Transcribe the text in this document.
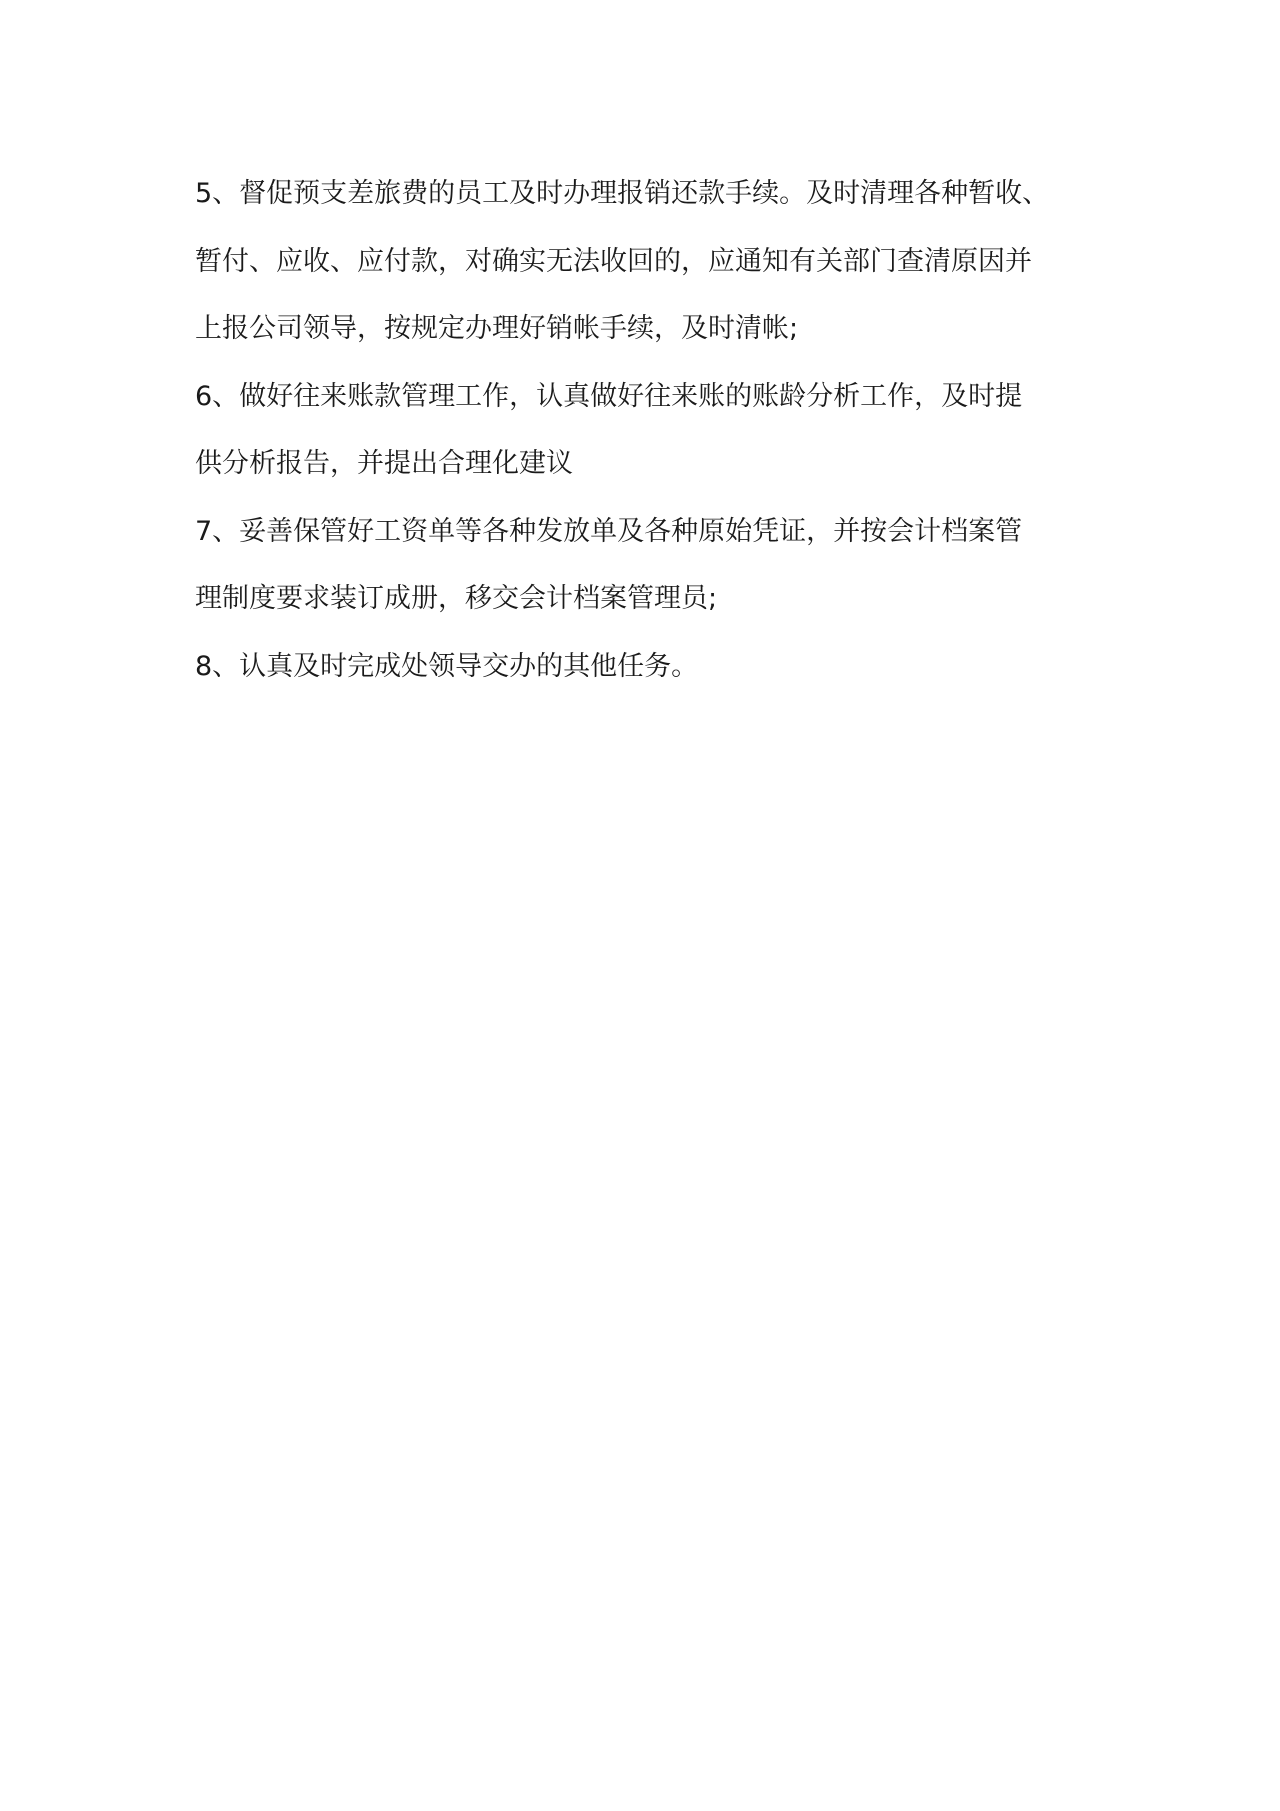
5、督促预支差旅费的员工及时办理报销还款手续。及时清理各种暂收、
暂付、应收、应付款，对确实无法收回的，应通知有关部门查清原因并
上报公司领导，按规定办理好销帐手续，及时清帐;
6、做好往来账款管理工作，认真做好往来账的账龄分析工作，及时提
供分析报告，并提出合理化建议
7、妥善保管好工资单等各种发放单及各种原始凭证，并按会计档案管
理制度要求装订成册，移交会计档案管理员;
8、认真及时完成处领导交办的其他任务。
